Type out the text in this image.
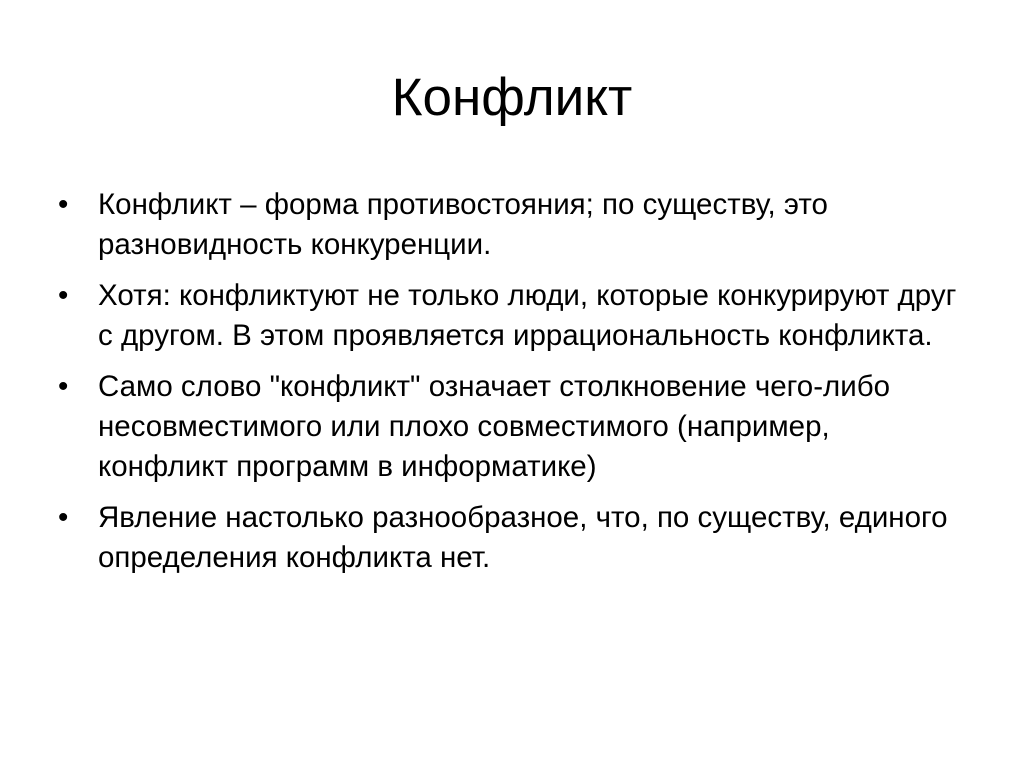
Конфликт
•	Конфликт – форма противостояния; по существу, это разновидность конкуренции.
•	Хотя: конфликтуют не только люди, которые конкурируют друг с другом. В этом проявляется иррациональность конфликта.
•	Само слово "конфликт" означает столкновение чего-либо несовместимого или плохо совместимого (например, конфликт программ в информатике)
•	Явление настолько разнообразное, что, по существу, единого определения конфликта нет.
